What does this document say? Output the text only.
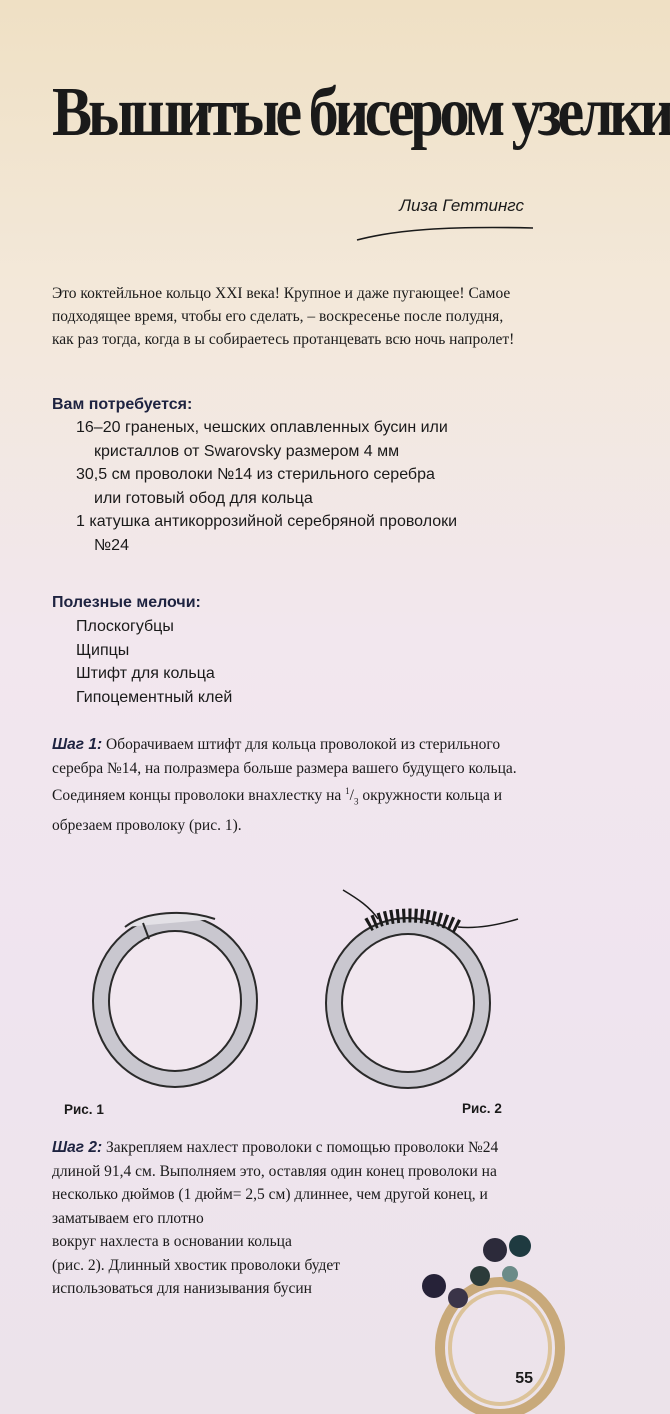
Вышитые бисером узелки
Лиза Геттингс
Это коктейльное кольцо XXI века! Крупное и даже пугающее! Самое подходящее время, чтобы его сделать, – воскресенье после полудня, как раз тогда, когда в ы собираетесь протанцевать всю ночь напролет!
Вам потребуется:
16–20 граненых, чешских оплавленных бусин или
кристаллов от Swarovsky размером 4 мм
30,5 см проволоки №14 из стерильного серебра
или готовый обод для кольца
1 катушка антикоррозийной серебряной проволоки
№24
Полезные мелочи:
Плоскогубцы
Щипцы
Штифт для кольца
Гипоцементный клей
Шаг 1: Оборачиваем штифт для кольца проволокой из стерильного серебра №14, на полразмера больше размера вашего будущего кольца. Соединяем концы проволоки внахлестку на $^1/_3$ окружности кольца и обрезаем проволоку (рис. 1).
Рис. 1	Рис. 2
Шаг 2: Закрепляем нахлест проволоки с помощью проволоки №24 длиной 91,4 см. Выполняем это, оставляя один конец проволоки на несколько дюймов (1 дюйм= 2,5 см) длиннее, чем другой конец, и заматываем его плотно
вокруг нахлеста в основании кольца
(рис. 2). Длинный хвостик проволоки будет
использоваться для нанизывания бусин
55
